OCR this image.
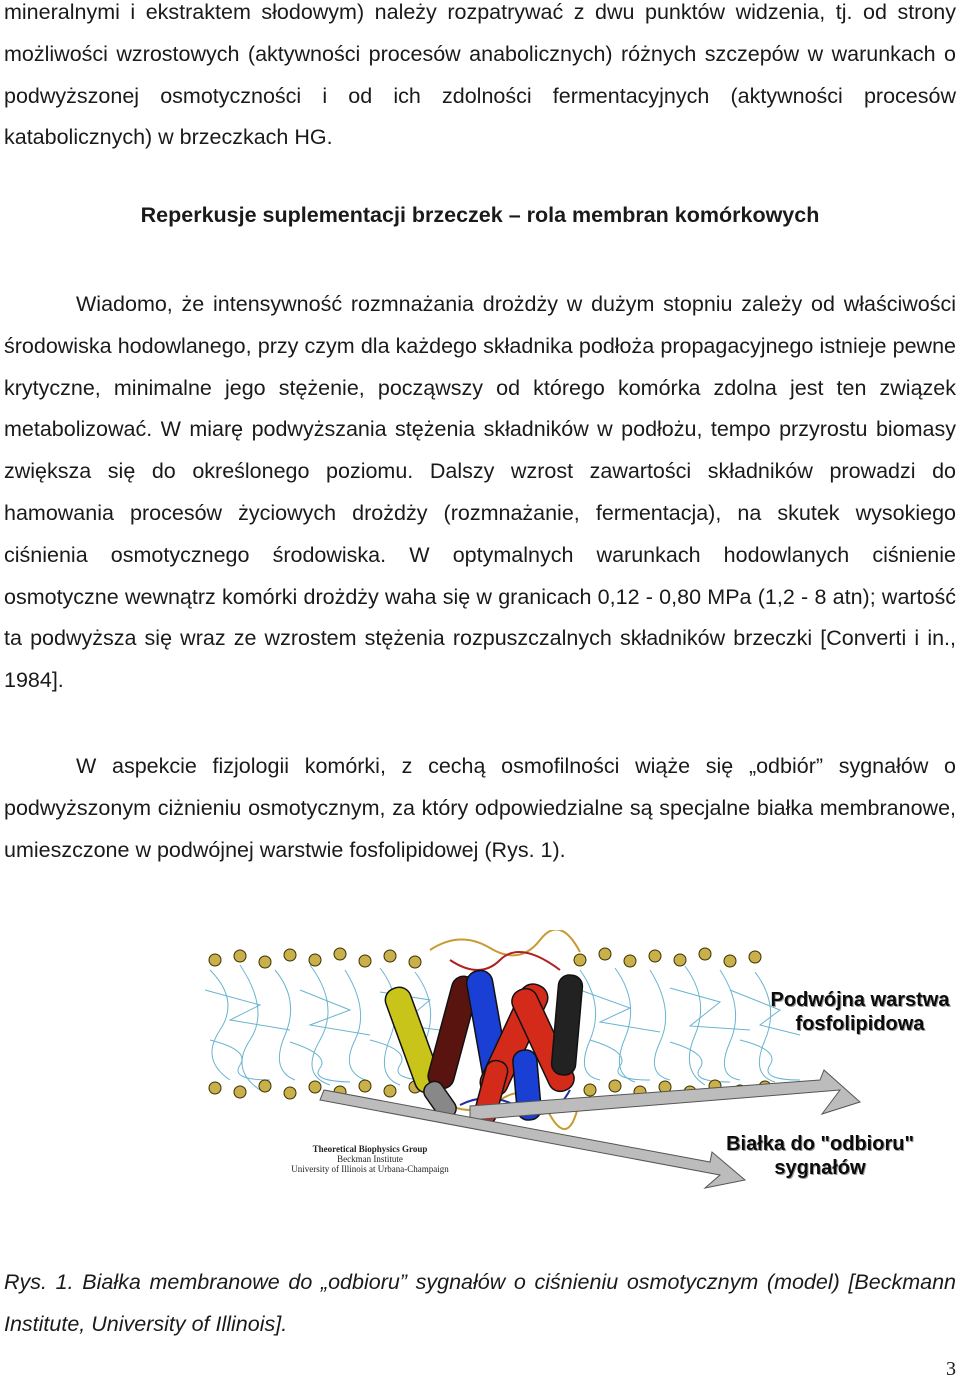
mineralnymi i ekstraktem słodowym) należy rozpatrywać z dwu punktów widzenia, tj. od strony możliwości wzrostowych (aktywności procesów anabolicznych) różnych szczepów w warunkach o podwyższonej osmotyczności i od ich zdolności fermentacyjnych (aktywności procesów katabolicznych) w brzeczkach HG.

Reperkusje suplementacji brzeczek – rola membran komórkowych

Wiadomo, że intensywność rozmnażania drożdży w dużym stopniu zależy od właściwości środowiska hodowlanego, przy czym dla każdego składnika podłoża propagacyjnego istnieje pewne krytyczne, minimalne jego stężenie, począwszy od którego komórka zdolna jest ten związek metabolizować. W miarę podwyższania stężenia składników w podłożu, tempo przyrostu biomasy zwiększa się do określonego poziomu. Dalszy wzrost zawartości składników prowadzi do hamowania procesów życiowych drożdży (rozmnażanie, fermentacja), na skutek wysokiego ciśnienia osmotycznego środowiska. W optymalnych warunkach hodowlanych ciśnienie osmotyczne wewnątrz komórki drożdży waha się w granicach 0,12 - 0,80 MPa (1,2 - 8 atn); wartość ta podwyższa się wraz ze wzrostem stężenia rozpuszczalnych składników brzeczki [Converti i in., 1984].

W aspekcie fizjologii komórki, z cechą osmofilności wiąże się „odbiór” sygnałów o podwyższonym ciżnieniu osmotycznym, za który odpowiedzialne są specjalne białka membranowe, umieszczone w podwójnej warstwie fosfolipidowej (Rys. 1).

Podwójna warstwa
fosfolipidowa
Białka do "odbioru"
sygnałów
Theoretical Biophysics Group
Beckman Institute
University of Illinois at Urbana-Champaign

Rys. 1. Białka membranowe do „odbioru” sygnałów o ciśnieniu osmotycznym (model) [Beckmann Institute, University of Illinois].

3
